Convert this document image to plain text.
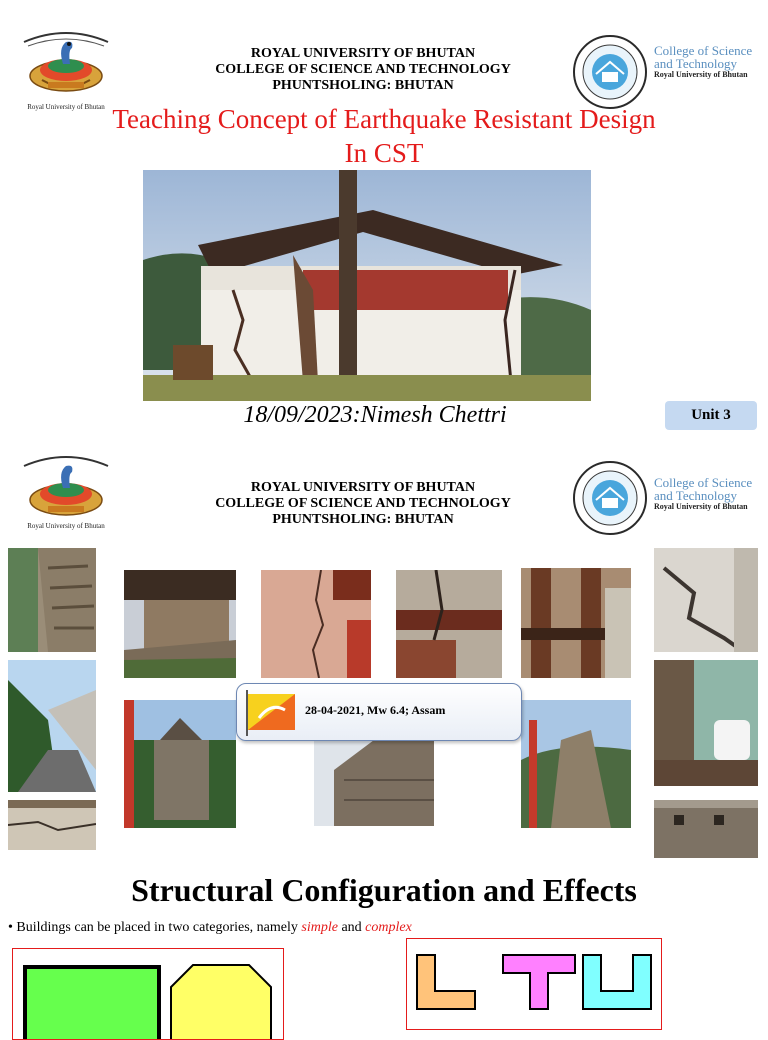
Royal University of Bhutan
ROYAL UNIVERSITY OF BHUTAN
COLLEGE OF SCIENCE AND TECHNOLOGY
PHUNTSHOLING: BHUTAN
College of Science
and Technology
Royal University of Bhutan
Teaching Concept of Earthquake Resistant Design
In CST
18/09/2023:Nimesh Chettri	Unit 3
Royal University of Bhutan
ROYAL UNIVERSITY OF BHUTAN
COLLEGE OF SCIENCE AND TECHNOLOGY
PHUNTSHOLING: BHUTAN
College of Science
and Technology
Royal University of Bhutan
28-04-2021, Mw 6.4; Assam
Structural Configuration and Effects
• Buildings can be placed in two categories, namely simple and complex
